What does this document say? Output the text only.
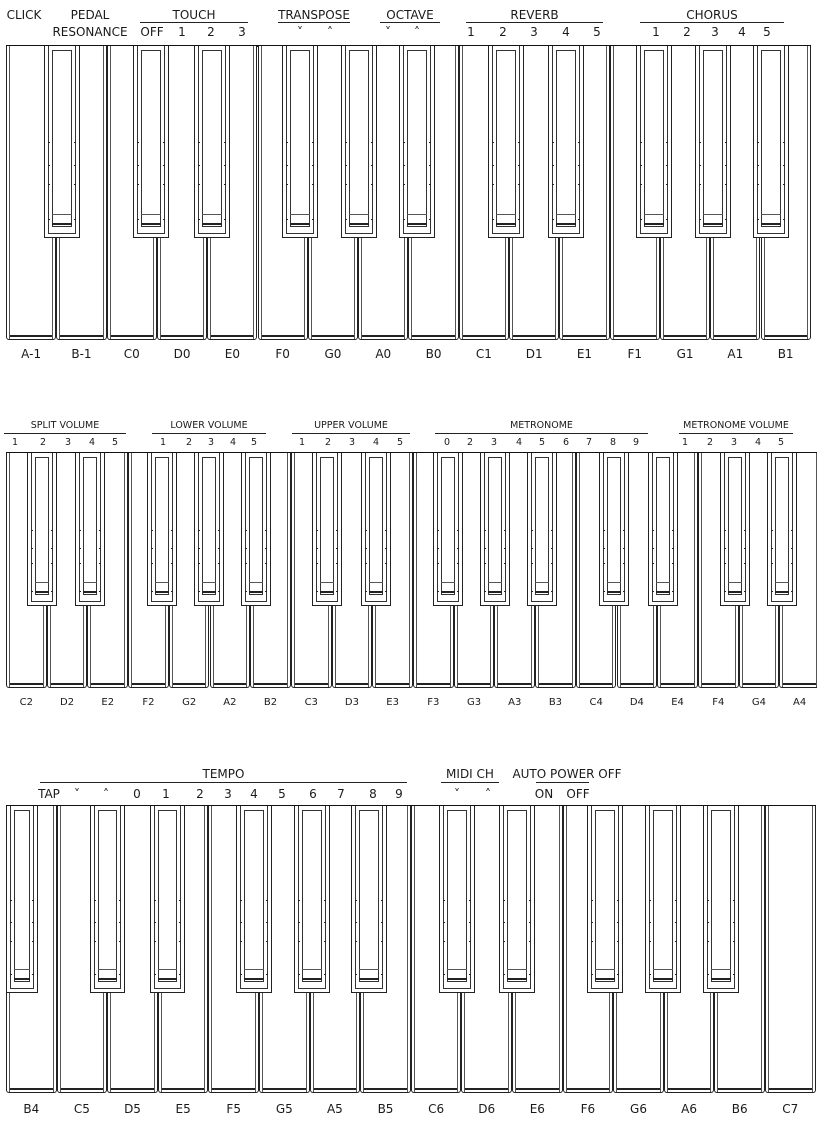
CLICK	PEDAL
RESONANCE
TOUCH	TRANSPOSE	OCTAVE	REVERB	CHORUS
OFF 1 2 3	˅ ˄	˅ ˄	1 2 3 4 5	1 2 3 4 5
A-1	B-1	C0	D0	E0	F0	G0	A0	B0	C1	D1	E1	F1	G1	A1	B1
SPLIT VOLUME	LOWER VOLUME	UPPER VOLUME	METRONOME	METRONOME VOLUME
1 2 3 4 5	1 2 3 4 5	1 2 3 4 5	0 2 3 4 5 6 7 8 9	1 2 3 4 5
C2	D2	E2	F2	G2	A2	B2	C3	D3	E3	F3	G3	A3	B3	C4	D4	E4	F4	G4	A4
TEMPO	MIDI CH	AUTO POWER OFF
TAP ˅ ˄ 0 1 2 3 4 5 6 7 8 9	˅ ˄	ON OFF
B4	C5	D5	E5	F5	G5	A5	B5	C6	D6	E6	F6	G6	A6	B6	C7
